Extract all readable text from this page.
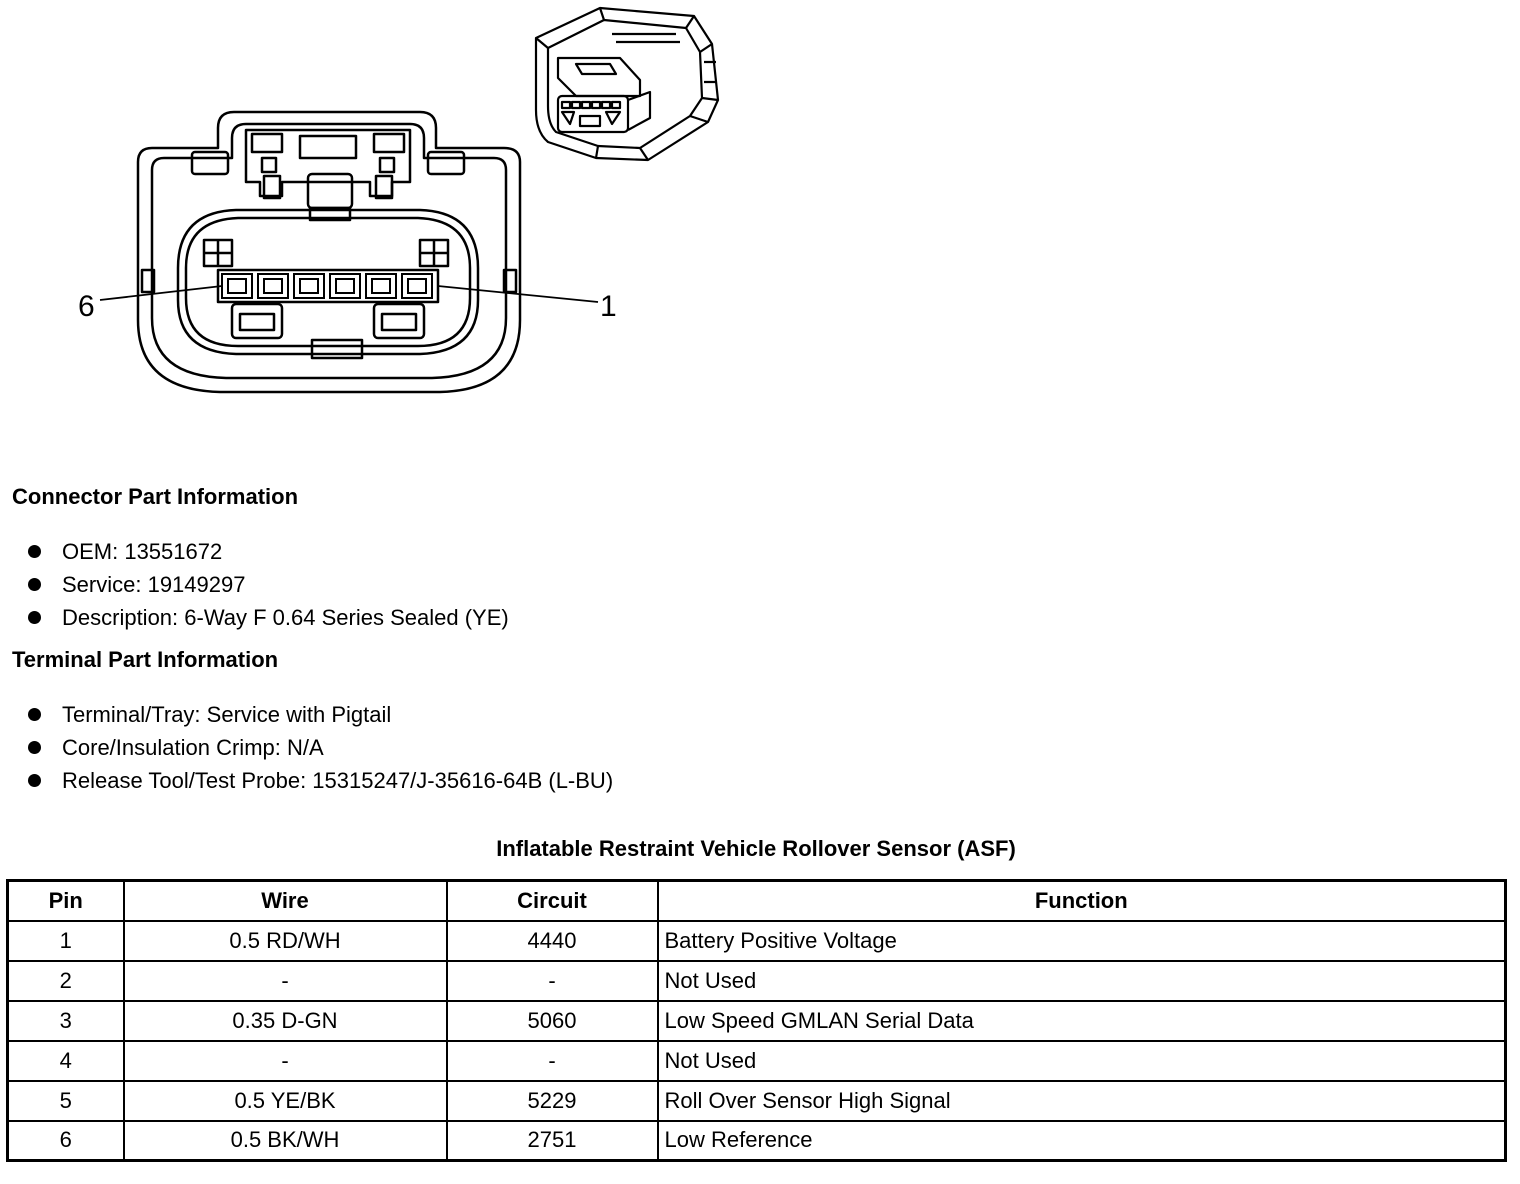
6	1
Connector Part Information
OEM: 13551672
Service: 19149297
Description: 6-Way F 0.64 Series Sealed (YE)
Terminal Part Information
Terminal/Tray: Service with Pigtail
Core/Insulation Crimp: N/A
Release Tool/Test Probe: 15315247/J-35616-64B (L-BU)
Inflatable Restraint Vehicle Rollover Sensor (ASF)
Pin	Wire	Circuit	Function
1	0.5 RD/WH	4440	Battery Positive Voltage
2	-	-	Not Used
3	0.35 D-GN	5060	Low Speed GMLAN Serial Data
4	-	-	Not Used
5	0.5 YE/BK	5229	Roll Over Sensor High Signal
6	0.5 BK/WH	2751	Low Reference
